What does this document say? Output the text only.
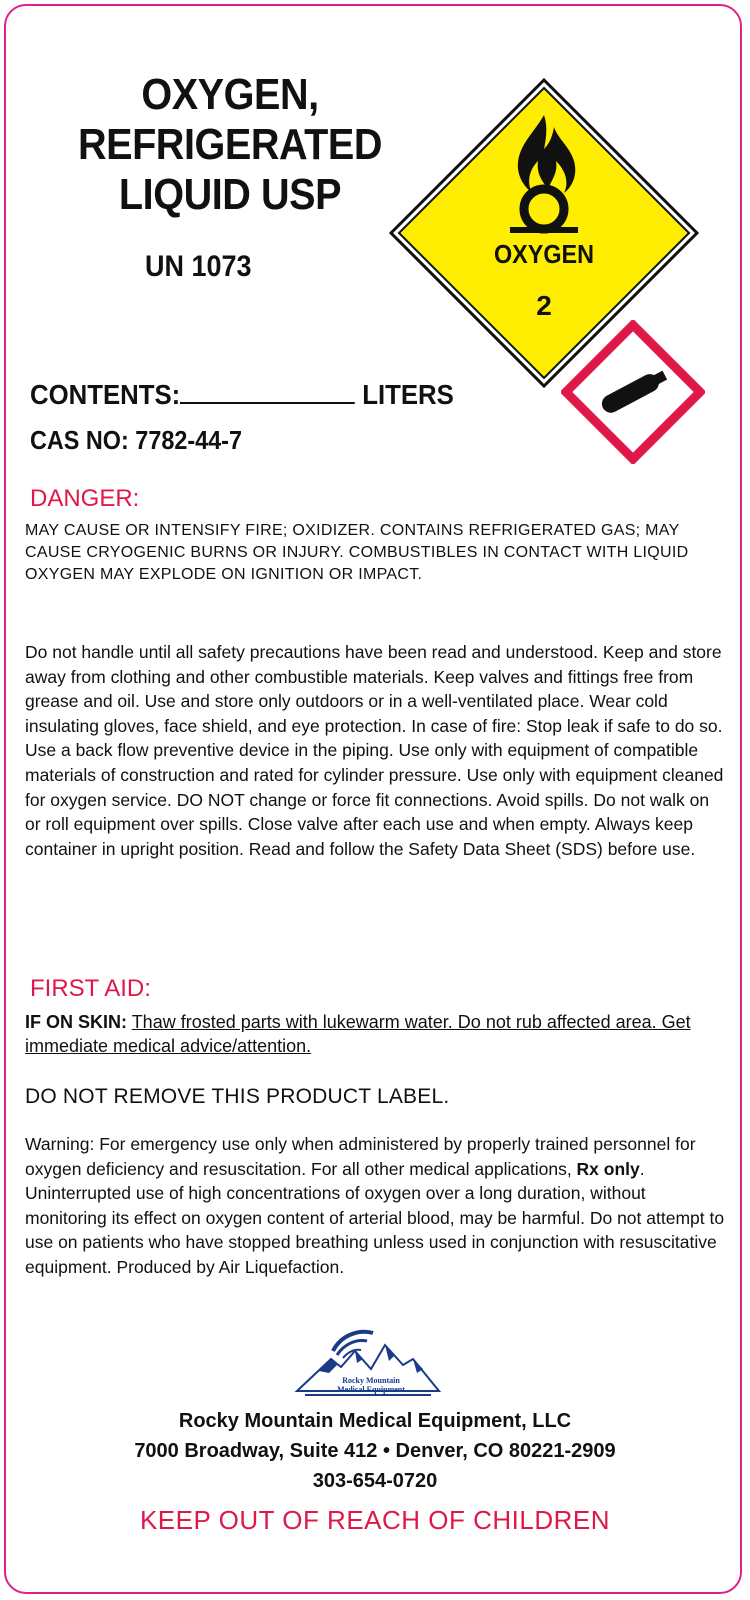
OXYGEN,
REFRIGERATED
LIQUID USP
UN 1073	OXYGEN
2
CONTENTS:	LITERS
CAS NO: 7782-44-7
DANGER:
MAY CAUSE OR INTENSIFY FIRE; OXIDIZER. CONTAINS REFRIGERATED GAS; MAY CAUSE CRYOGENIC BURNS OR INJURY. COMBUSTIBLES IN CONTACT WITH LIQUID OXYGEN MAY EXPLODE ON IGNITION OR IMPACT.
Do not handle until all safety precautions have been read and understood. Keep and store away from clothing and other combustible materials. Keep valves and fittings free from grease and oil. Use and store only outdoors or in a well-ventilated place. Wear cold insulating gloves, face shield, and eye protection. In case of fire: Stop leak if safe to do so. Use a back flow preventive device in the piping. Use only with equipment of compatible materials of construction and rated for cylinder pressure. Use only with equipment cleaned for oxygen service. DO NOT change or force fit connections. Avoid spills. Do not walk on or roll equipment over spills. Close valve after each use and when empty. Always keep container in upright position. Read and follow the Safety Data Sheet (SDS) before use.
FIRST AID:
IF ON SKIN: Thaw frosted parts with lukewarm water. Do not rub affected area. Get immediate medical advice/attention.
DO NOT REMOVE THIS PRODUCT LABEL.
Warning: For emergency use only when administered by properly trained personnel for oxygen deficiency and resuscitation. For all other medical applications, Rx only. Uninterrupted use of high concentrations of oxygen over a long duration, without monitoring its effect on oxygen content of arterial blood, may be harmful. Do not attempt to use on patients who have stopped breathing unless used in conjunction with resuscitative equipment. Produced by Air Liquefaction.
Rocky Mountain
Medical Equipment
Rocky Mountain Medical Equipment, LLC
7000 Broadway, Suite 412 • Denver, CO 80221-2909
303-654-0720
KEEP OUT OF REACH OF CHILDREN
